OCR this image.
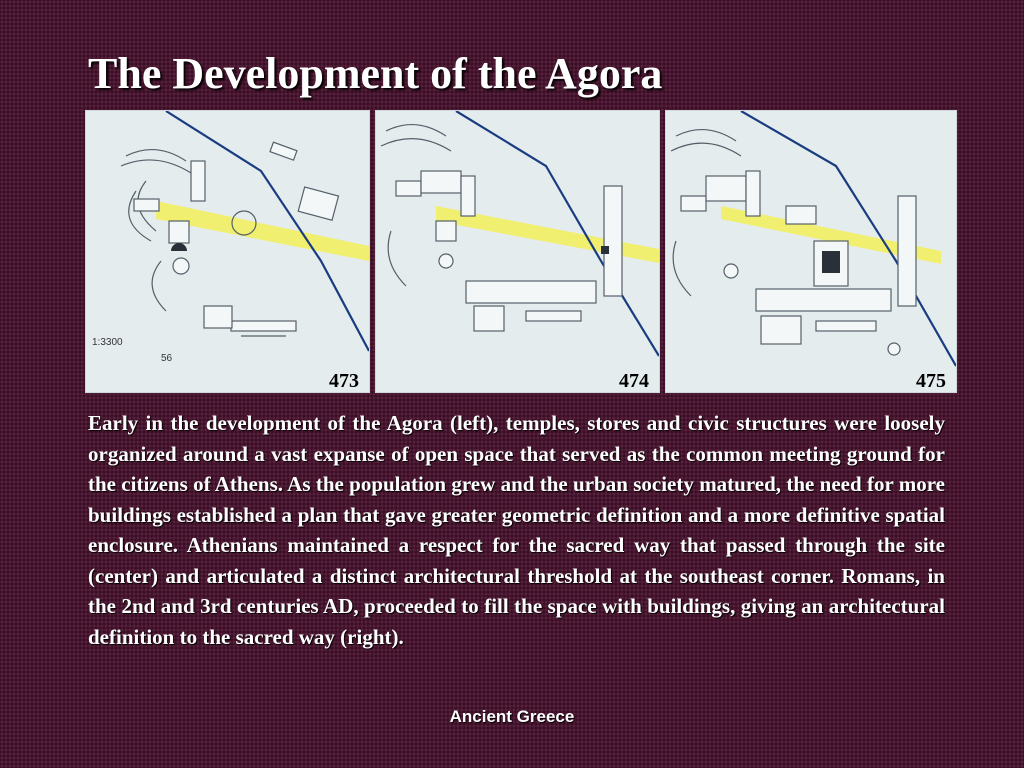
The Development of the Agora
1:3300
56
473	474	475
Early in the development of the Agora (left), temples, stores and civic structures were loosely organized around a vast expanse of open space that served as the common meeting ground for the citizens of Athens. As the population grew and the urban society matured, the need for more buildings established a plan that gave greater geometric definition and a more definitive spatial enclosure. Athenians maintained a respect for the sacred way that passed through the site (center) and articulated a distinct architectural threshold at the southeast corner. Romans, in the 2nd and 3rd centuries AD, proceeded to fill the space with buildings, giving an architectural definition to the sacred way (right).
Ancient Greece
